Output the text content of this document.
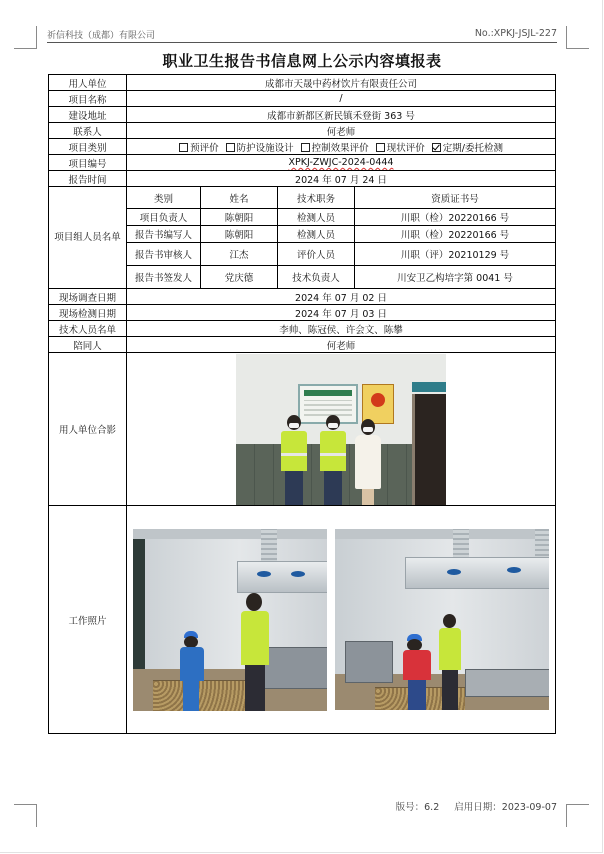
祈信科技（成都）有限公司	No.:XPKJ-JSJL-227
职业卫生报告书信息网上公示内容填报表
用人单位	成都市天晟中药材饮片有限责任公司			
项目名称	/			
建设地址	成都市新都区新民镇禾登街 363 号			
联系人	何老师			
项目类别	预评价 防护设施设计 控制效果评价 现状评价 定期/委托检测			
项目编号	XPKJ-ZWJC-2024-0444			
报告时间	2024 年 07 月 24 日			
项目组人员名单	类别	姓名	技术职务	资质证书号
	项目负责人	陈朝阳	检测人员	川职（检）20220166 号
	报告书编写人	陈朝阳	检测人员	川职（检）20220166 号
	报告书审核人	江杰	评价人员	川职（评）20210129 号
	报告书签发人	党庆德	技术负责人	川安卫乙构培字第 0041 号
现场调查日期	2024 年 07 月 02 日			
现场检测日期	2024 年 07 月 03 日			
技术人员名单	李帅、陈冠侯、许会文、陈攀			
陪同人	何老师			
用人单位合影				

工作照片				

版号：6.2 启用日期：2023-09-07
